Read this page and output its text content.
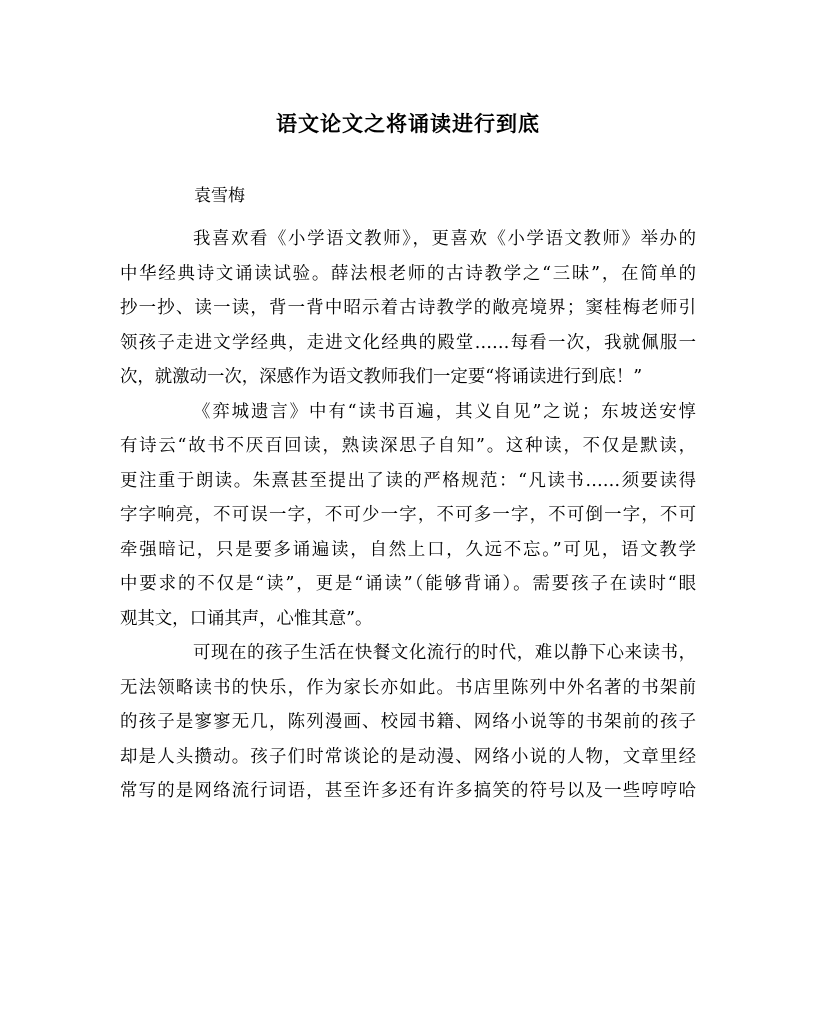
语文论文之将诵读进行到底
袁雪梅
我喜欢看《小学语文教师》，更喜欢《小学语文教师》举办的
中华经典诗文诵读试验。薛法根老师的古诗教学之“三昧”，在简单的
抄一抄、读一读，背一背中昭示着古诗教学的敞亮境界；窦桂梅老师引
领孩子走进文学经典，走进文化经典的殿堂……每看一次，我就佩服一
次，就激动一次，深感作为语文教师我们一定要“将诵读进行到底！”
《弈城遗言》中有“读书百遍，其义自见”之说；东坡送安惇
有诗云“故书不厌百回读，熟读深思子自知”。这种读，不仅是默读，
更注重于朗读。朱熹甚至提出了读的严格规范：“凡读书……须要读得
字字响亮，不可误一字，不可少一字，不可多一字，不可倒一字，不可
牵强暗记，只是要多诵遍读，自然上口，久远不忘。”可见，语文教学
中要求的不仅是“读”，更是“诵读”（能够背诵）。需要孩子在读时“眼
观其文，口诵其声，心惟其意”。
可现在的孩子生活在快餐文化流行的时代，难以静下心来读书，
无法领略读书的快乐，作为家长亦如此。书店里陈列中外名著的书架前
的孩子是寥寥无几，陈列漫画、校园书籍、网络小说等的书架前的孩子
却是人头攒动。孩子们时常谈论的是动漫、网络小说的人物，文章里经
常写的是网络流行词语，甚至许多还有许多搞笑的符号以及一些哼哼哈
